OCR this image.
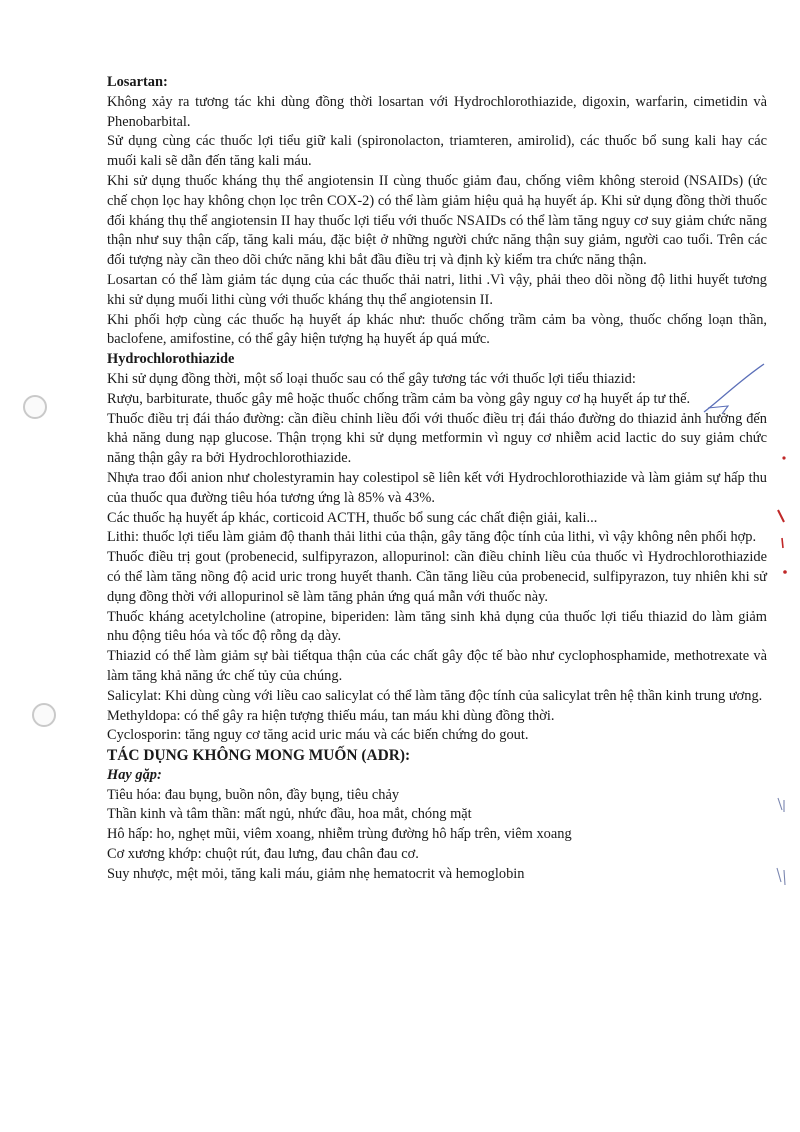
Losartan:

Không xảy ra tương tác khi dùng đồng thời losartan với Hydrochlorothiazide, digoxin, warfarin, cimetidin và Phenobarbital.

Sử dụng cùng các thuốc lợi tiểu giữ kali (spironolacton, triamteren, amirolid), các thuốc bổ sung kali hay các muối kali sẽ dẫn đến tăng kali máu.

Khi sử dụng thuốc kháng thụ thể angiotensin II cùng thuốc giảm đau, chống viêm không steroid (NSAIDs) (ức chế chọn lọc hay không chọn lọc trên COX-2) có thể làm giảm hiệu quả hạ huyết áp. Khi sử dụng đồng thời thuốc đối kháng thụ thể angiotensin II hay thuốc lợi tiểu với thuốc NSAIDs có thể làm tăng nguy cơ suy giảm chức năng thận như suy thận cấp, tăng kali máu, đặc biệt ở những người chức năng thận suy giảm, người cao tuổi. Trên các đối tượng này cần theo dõi chức năng khi bắt đầu điều trị và định kỳ kiểm tra chức năng thận.

Losartan có thể làm giảm tác dụng của các thuốc thải natri, lithi .Vì vậy, phải theo dõi nồng độ lithi huyết tương khi sử dụng muối lithi cùng với thuốc kháng thụ thể angiotensin II.

Khi phối hợp cùng các thuốc hạ huyết áp khác như: thuốc chống trầm cảm ba vòng, thuốc chống loạn thần, baclofene, amifostine, có thể gây hiện tượng hạ huyết áp quá mức.

Hydrochlorothiazide

Khi sử dụng đồng thời, một số loại thuốc sau có thể gây tương tác với thuốc lợi tiểu thiazid:

Rượu, barbiturate, thuốc gây mê hoặc thuốc chống trầm cảm ba vòng gây nguy cơ hạ huyết áp tư thế.

Thuốc điều trị đái tháo đường: cần điều chỉnh liều đối với thuốc điều trị đái tháo đường do thiazid ảnh hưởng đến khả năng dung nạp glucose. Thận trọng khi sử dụng metformin vì nguy cơ nhiễm acid lactic do suy giảm chức năng thận gây ra bởi Hydrochlorothiazide.

Nhựa trao đổi anion như cholestyramin hay colestipol sẽ liên kết với Hydrochlorothiazide và làm giảm sự hấp thu của thuốc qua đường tiêu hóa tương ứng là 85% và 43%.

Các thuốc hạ huyết áp khác, corticoid ACTH, thuốc bổ sung các chất điện giải, kali...

Lithi: thuốc lợi tiểu làm giảm độ thanh thải lithi của thận, gây tăng độc tính của lithi, vì vậy không nên phối hợp.

Thuốc điều trị gout (probenecid, sulfipyrazon, allopurinol: cần điều chỉnh liều của thuốc vì Hydrochlorothiazide có thể làm tăng nồng độ acid uric trong huyết thanh. Cần tăng liều của probenecid, sulfipyrazon, tuy nhiên khi sử dụng đồng thời với allopurinol sẽ làm tăng phản ứng quá mẫn với thuốc này.

Thuốc kháng acetylcholine (atropine, biperiden: làm tăng sinh khả dụng của thuốc lợi tiểu thiazid do làm giảm nhu động tiêu hóa và tốc độ rỗng dạ dày.

Thiazid có thể làm giảm sự bài tiếtqua thận của các chất gây độc tế bào như cyclophosphamide, methotrexate và làm tăng khả năng ức chế tủy của chúng.

Salicylat: Khi dùng cùng với liều cao salicylat có thể làm tăng độc tính của salicylat trên hệ thần kinh trung ương.

Methyldopa: có thể gây ra hiện tượng thiếu máu, tan máu khi dùng đồng thời.

Cyclosporin: tăng nguy cơ tăng acid uric máu và các biến chứng do gout.

TÁC DỤNG KHÔNG MONG MUỐN (ADR):

Hay gặp:

Tiêu hóa: đau bụng, buồn nôn, đầy bụng, tiêu chảy

Thần kinh và tâm thần: mất ngủ, nhức đầu, hoa mắt, chóng mặt

Hô hấp: ho, nghẹt mũi, viêm xoang, nhiễm trùng đường hô hấp trên, viêm xoang

Cơ xương khớp: chuột rút, đau lưng, đau chân đau cơ.

Suy nhược, mệt mỏi, tăng kali máu, giảm nhẹ hematocrit và hemoglobin
